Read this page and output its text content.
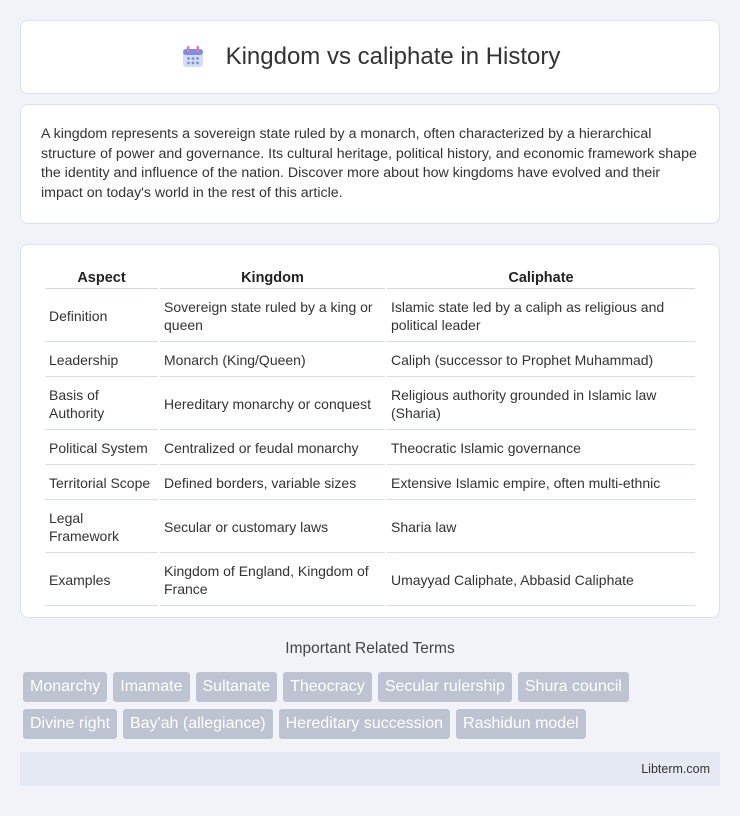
Kingdom vs caliphate in History

A kingdom represents a sovereign state ruled by a monarch, often characterized by a hierarchical structure of power and governance. Its cultural heritage, political history, and economic framework shape the identity and influence of the nation. Discover more about how kingdoms have evolved and their impact on today's world in the rest of this article.

Aspect	Kingdom	Caliphate
Definition	Sovereign state ruled by a king or queen	Islamic state led by a caliph as religious and political leader
Leadership	Monarch (King/Queen)	Caliph (successor to Prophet Muhammad)
Basis of Authority	Hereditary monarchy or conquest	Religious authority grounded in Islamic law (Sharia)
Political System	Centralized or feudal monarchy	Theocratic Islamic governance
Territorial Scope	Defined borders, variable sizes	Extensive Islamic empire, often multi-ethnic
Legal Framework	Secular or customary laws	Sharia law
Examples	Kingdom of England, Kingdom of France	Umayyad Caliphate, Abbasid Caliphate
Important Related Terms
Monarchy	Imamate	Sultanate	Theocracy	Secular rulership	Shura council
Divine right	Bay'ah (allegiance)	Hereditary succession	Rashidun model
Libterm.com
